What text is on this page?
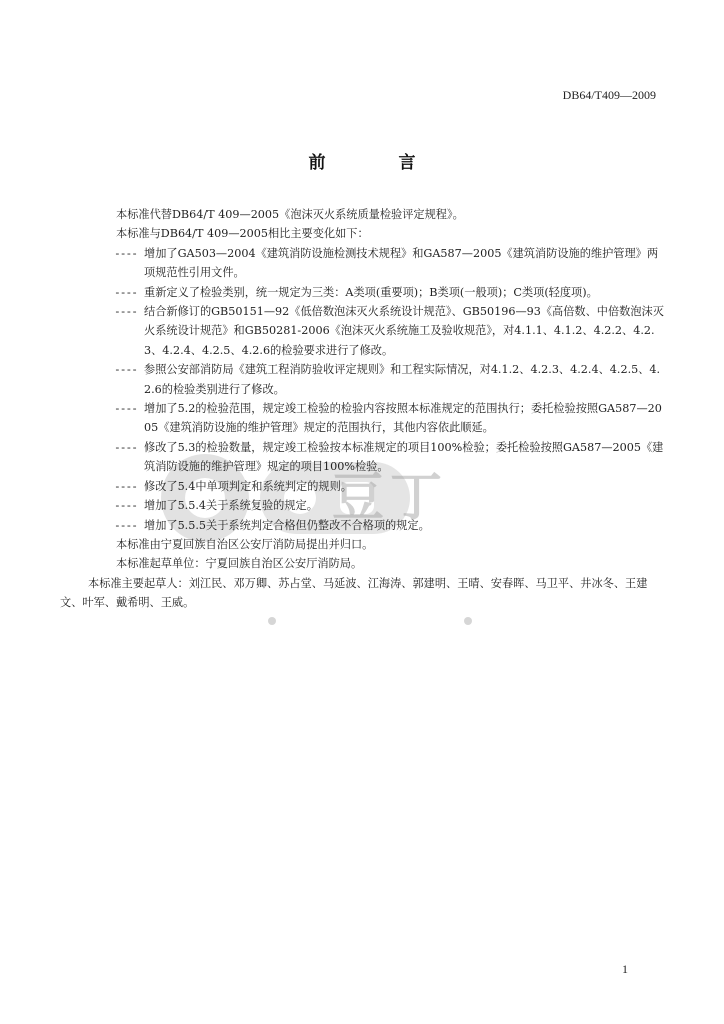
DB64/T409—2009
前　言
豆丁

本标准代替DB64/T 409—2005《泡沫灭火系统质量检验评定规程》。

本标准与DB64/T 409—2005相比主要变化如下：

---- 增加了GA503—2004《建筑消防设施检测技术规程》和GA587—2005《建筑消防设施的维护管理》两项规范性引用文件。
---- 重新定义了检验类别，统一规定为三类：A类项(重要项)；B类项(一般项)；C类项(轻度项)。
---- 结合新修订的GB50151—92《低倍数泡沫灭火系统设计规范》、GB50196—93《高倍数、中倍数泡沫灭火系统设计规范》和GB50281-2006《泡沫灭火系统施工及验收规范》，对4.1.1、4.1.2、4.2.2、4.2.3、4.2.4、4.2.5、4.2.6的检验要求进行了修改。
---- 参照公安部消防局《建筑工程消防验收评定规则》和工程实际情况，对4.1.2、4.2.3、4.2.4、4.2.5、4.2.6的检验类别进行了修改。
---- 增加了5.2的检验范围，规定竣工检验的检验内容按照本标准规定的范围执行；委托检验按照GA587—2005《建筑消防设施的维护管理》规定的范围执行，其他内容依此顺延。
---- 修改了5.3的检验数量，规定竣工检验按本标准规定的项目100%检验；委托检验按照GA587—2005《建筑消防设施的维护管理》规定的项目100%检验。
---- 修改了5.4中单项判定和系统判定的规则。
---- 增加了5.5.4关于系统复验的规定。
---- 增加了5.5.5关于系统判定合格但仍整改不合格项的规定。

本标准由宁夏回族自治区公安厅消防局提出并归口。

本标准起草单位：宁夏回族自治区公安厅消防局。

本标准主要起草人：刘江民、邓万卿、苏占堂、马延波、江海涛、郭建明、王晴、安春晖、马卫平、井冰冬、王建文、叶军、戴希明、王威。

1
